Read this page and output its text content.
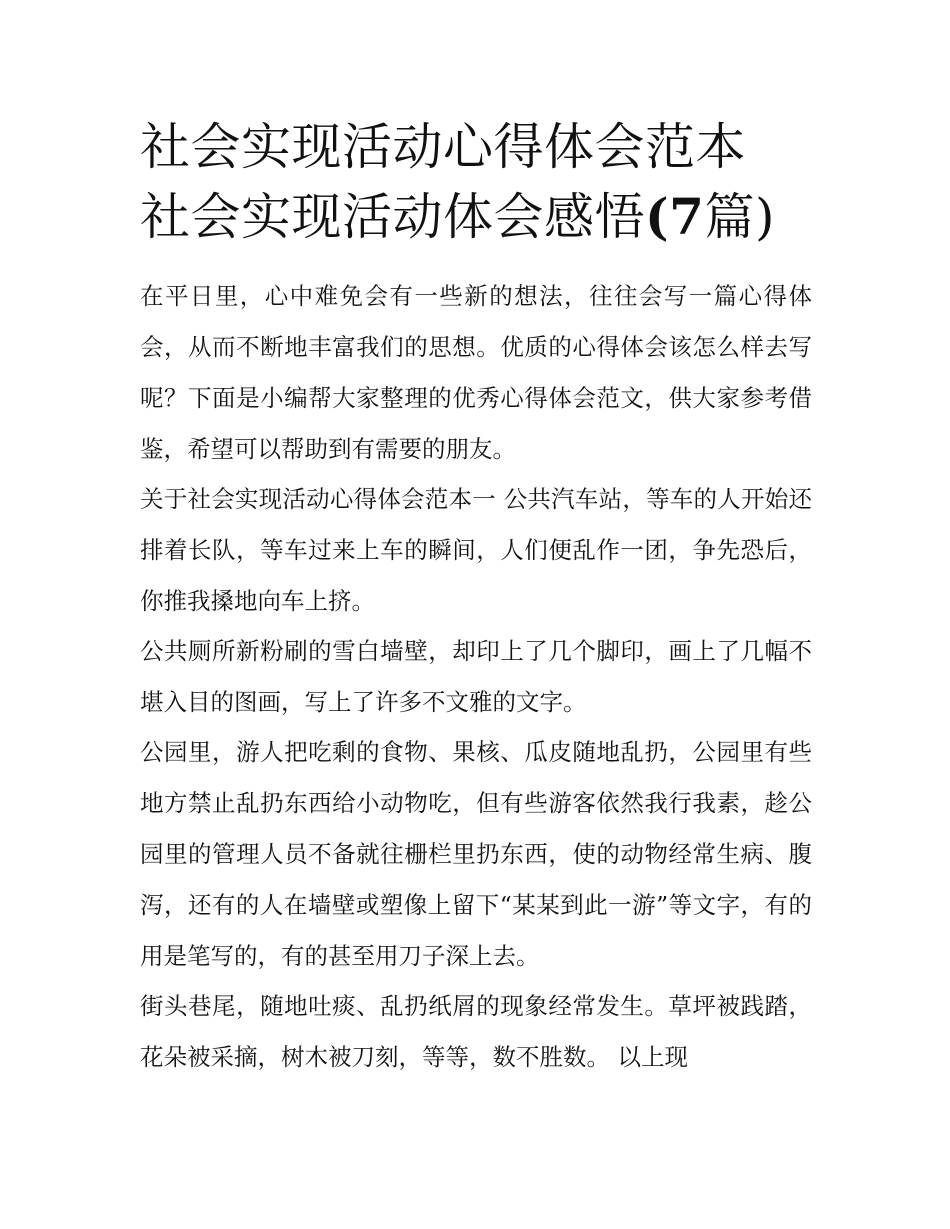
社会实现活动心得体会范本 社会实现活动体会感悟(7篇)

在平日里，心中难免会有一些新的想法，往往会写一篇心得体会，从而不断地丰富我们的思想。优质的心得体会该怎么样去写呢？下面是小编帮大家整理的优秀心得体会范文，供大家参考借鉴，希望可以帮助到有需要的朋友。

关于社会实现活动心得体会范本一 公共汽车站，等车的人开始还排着长队，等车过来上车的瞬间，人们便乱作一团，争先恐后，你推我搡地向车上挤。

公共厕所新粉刷的雪白墙壁，却印上了几个脚印，画上了几幅不堪入目的图画，写上了许多不文雅的文字。

公园里，游人把吃剩的食物、果核、瓜皮随地乱扔，公园里有些地方禁止乱扔东西给小动物吃，但有些游客依然我行我素，趁公园里的管理人员不备就往栅栏里扔东西，使的动物经常生病、腹泻，还有的人在墙壁或塑像上留下“某某到此一游”等文字，有的用是笔写的，有的甚至用刀子深上去。

街头巷尾，随地吐痰、乱扔纸屑的现象经常发生。草坪被践踏，花朵被采摘，树木被刀刻，等等，数不胜数。 以上现
